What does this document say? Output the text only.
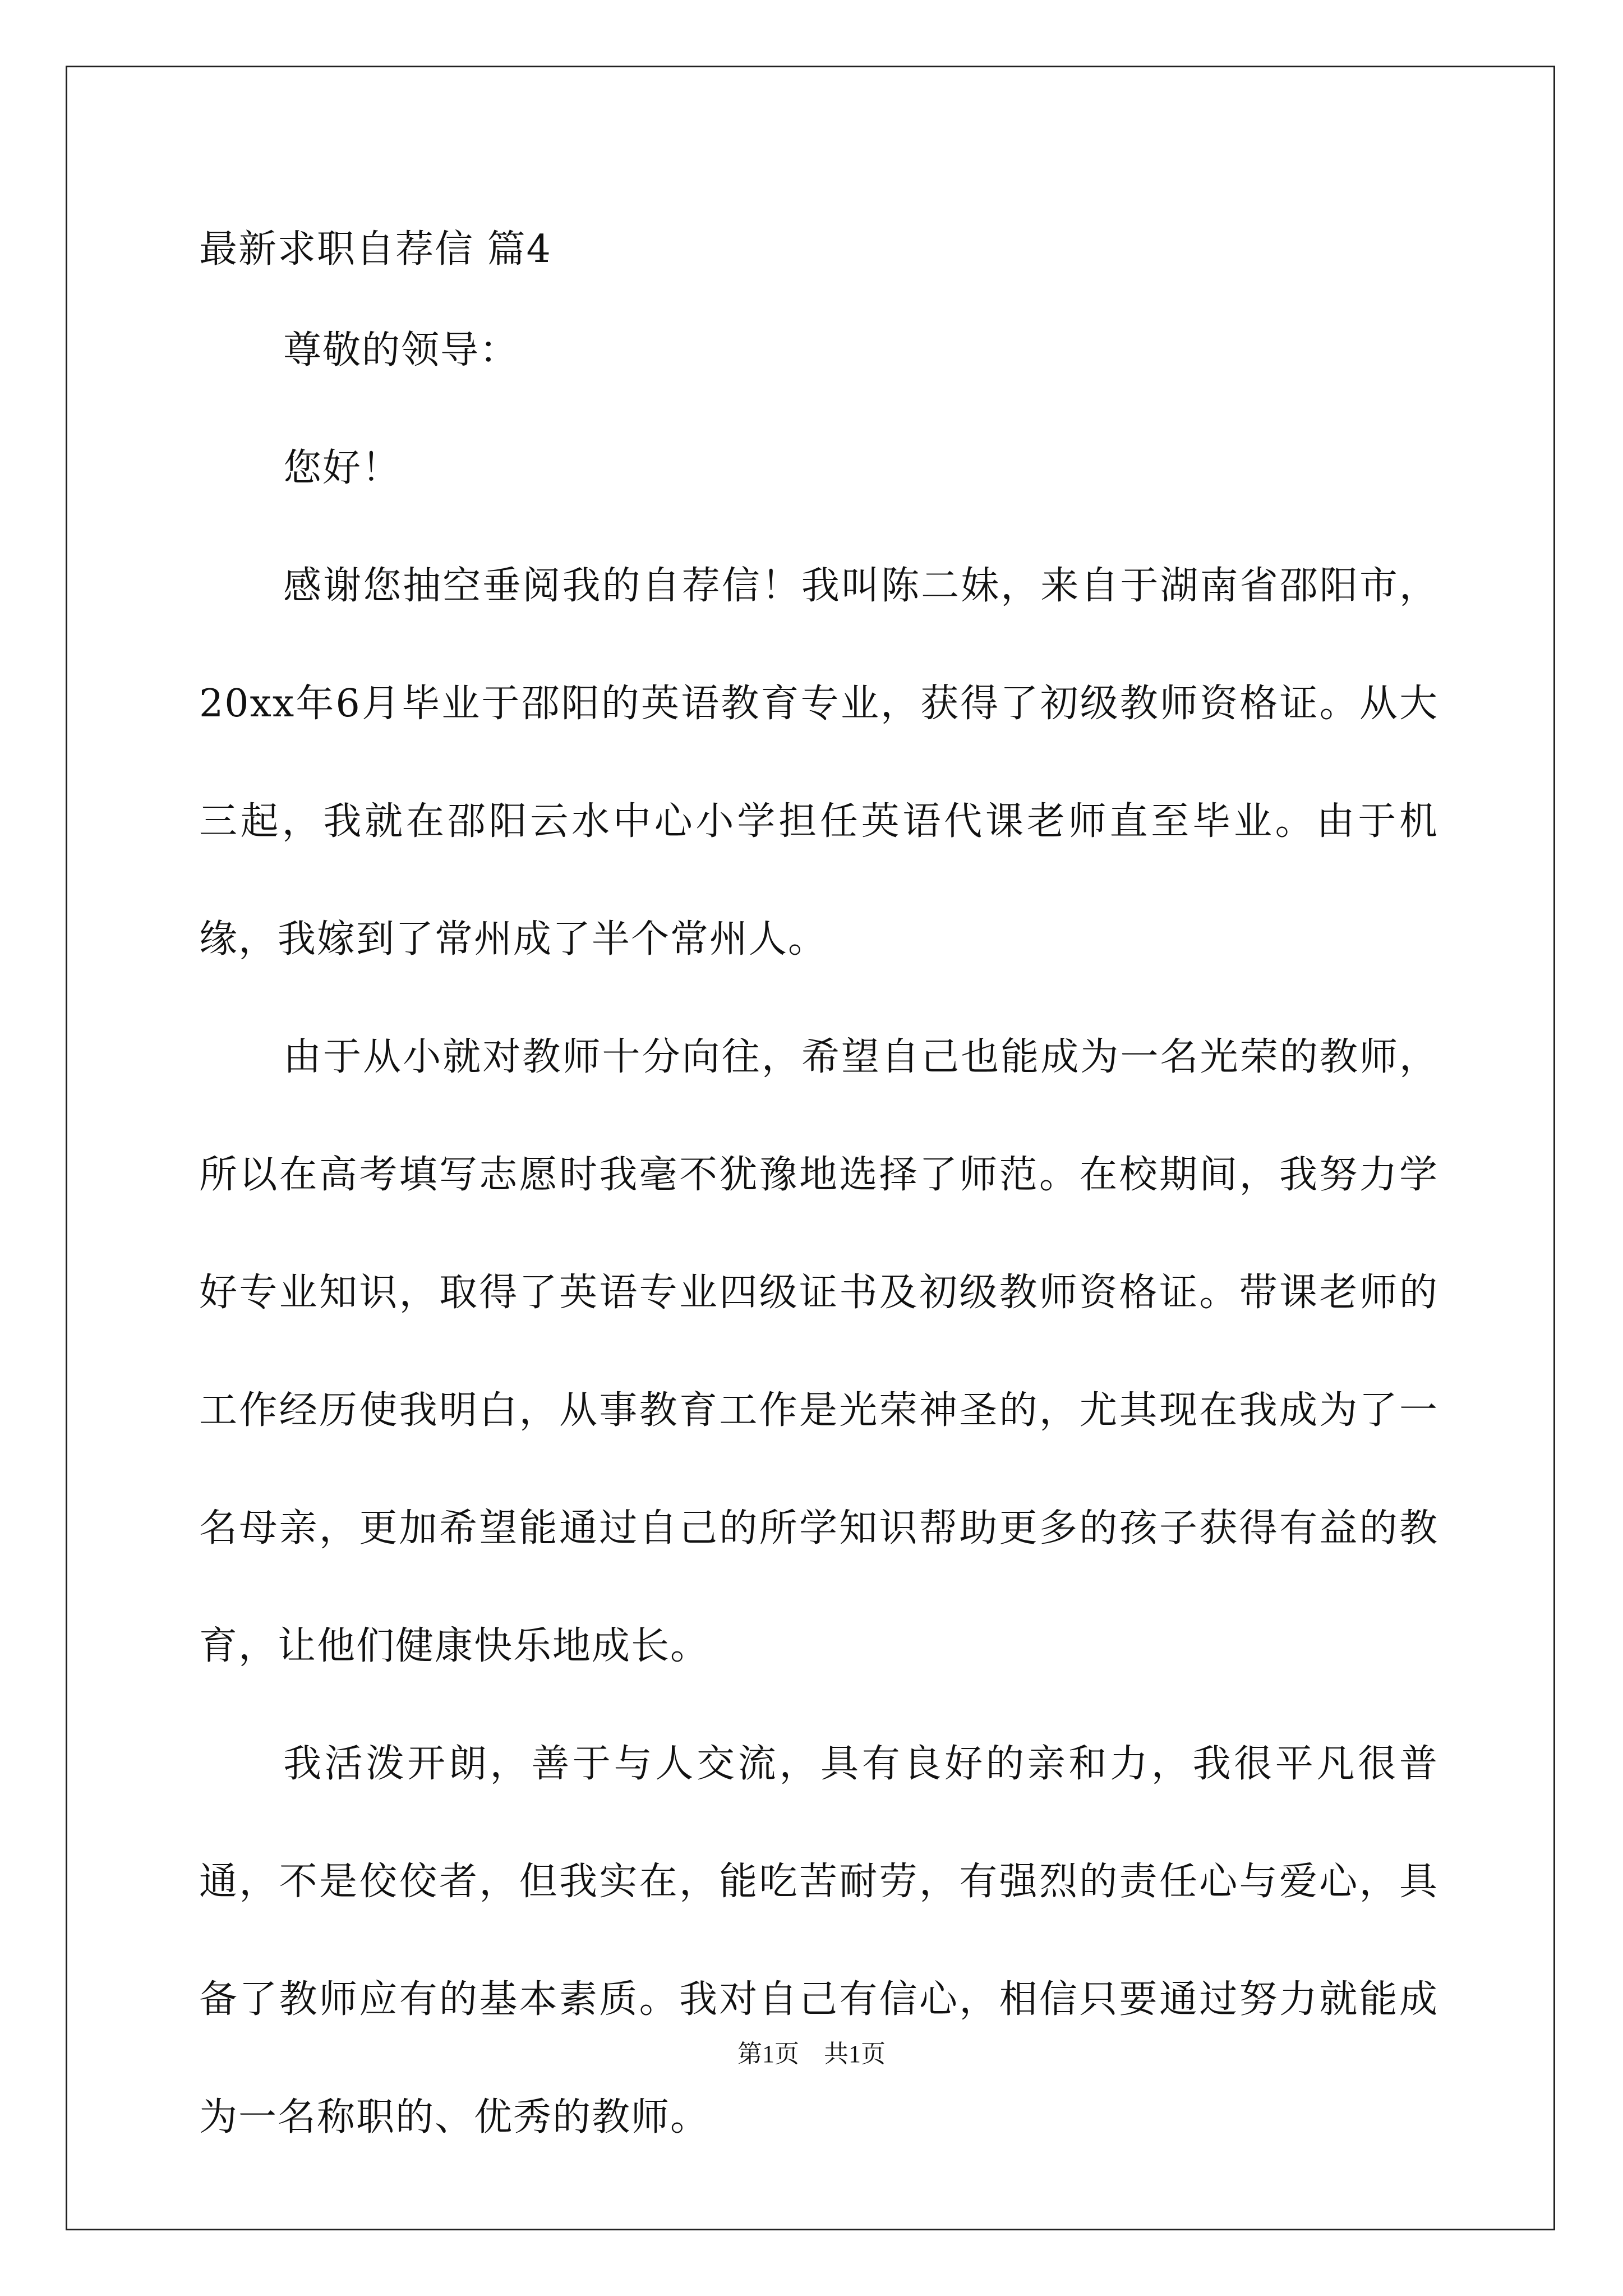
最新求职自荐信 篇4

尊敬的领导：

您好！

感谢您抽空垂阅我的自荐信！我叫陈二妹，来自于湖南省邵阳市，20xx年6月毕业于邵阳的英语教育专业，获得了初级教师资格证。从大三起，我就在邵阳云水中心小学担任英语代课老师直至毕业。由于机缘，我嫁到了常州成了半个常州人。

由于从小就对教师十分向往，希望自己也能成为一名光荣的教师，所以在高考填写志愿时我毫不犹豫地选择了师范。在校期间，我努力学好专业知识，取得了英语专业四级证书及初级教师资格证。带课老师的工作经历使我明白，从事教育工作是光荣神圣的，尤其现在我成为了一名母亲，更加希望能通过自己的所学知识帮助更多的孩子获得有益的教育，让他们健康快乐地成长。

我活泼开朗，善于与人交流，具有良好的亲和力，我很平凡很普通，不是佼佼者，但我实在，能吃苦耐劳，有强烈的责任心与爱心，具备了教师应有的基本素质。我对自己有信心，相信只要通过努力就能成为一名称职的、优秀的教师。

第1页　共1页
